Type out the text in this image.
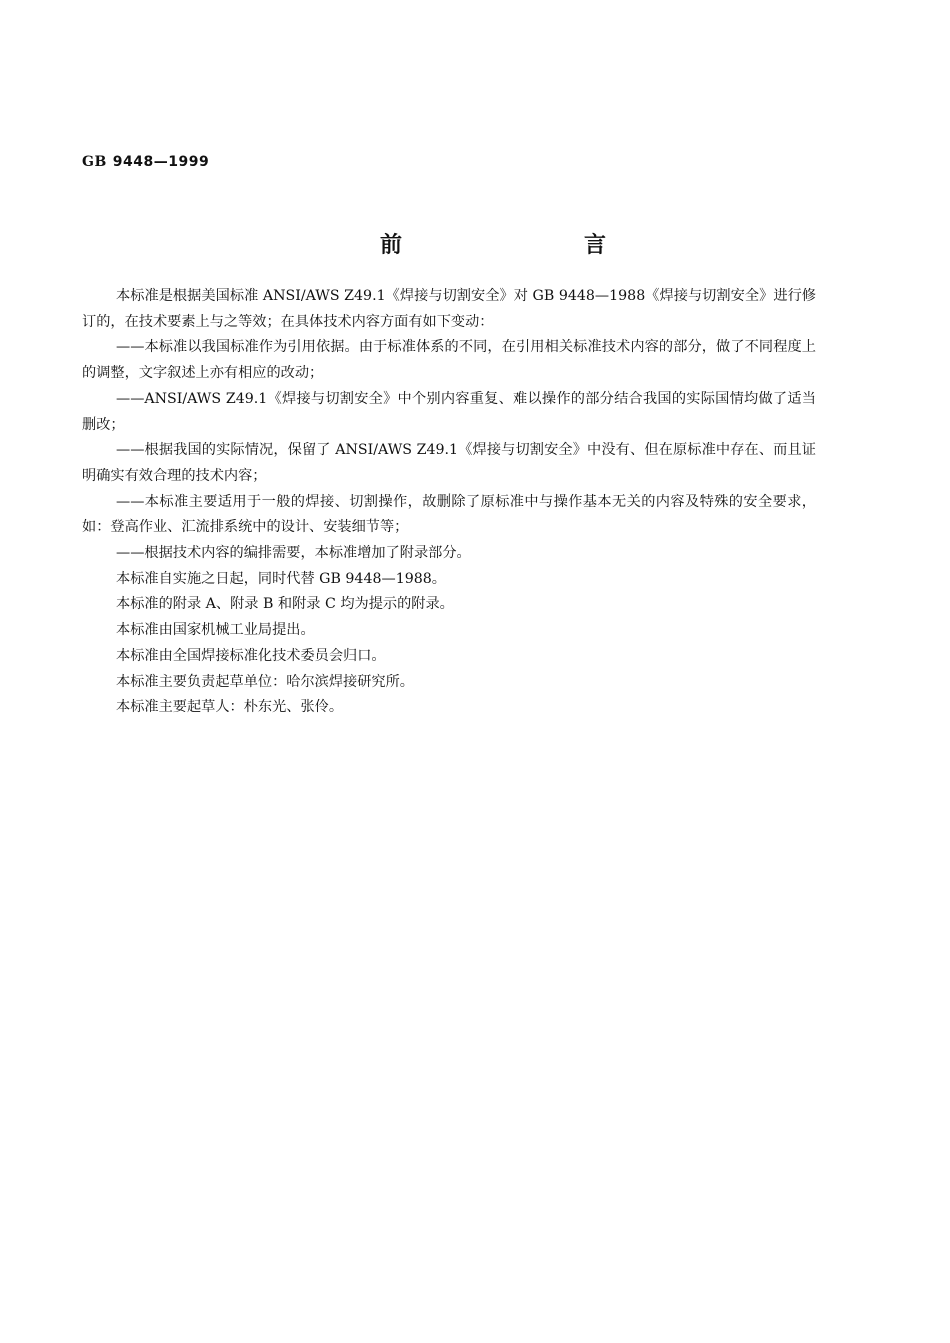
GB 9448—1999
前　　言

本标准是根据美国标准 ANSI/AWS Z49.1《焊接与切割安全》对 GB 9448—1988《焊接与切割安全》进行修订的，在技术要素上与之等效；在具体技术内容方面有如下变动：

——本标准以我国标准作为引用依据。由于标准体系的不同，在引用相关标准技术内容的部分，做了不同程度上的调整，文字叙述上亦有相应的改动；

——ANSI/AWS Z49.1《焊接与切割安全》中个别内容重复、难以操作的部分结合我国的实际国情均做了适当删改；

——根据我国的实际情况，保留了 ANSI/AWS Z49.1《焊接与切割安全》中没有、但在原标准中存在、而且证明确实有效合理的技术内容；

——本标准主要适用于一般的焊接、切割操作，故删除了原标准中与操作基本无关的内容及特殊的安全要求，如：登高作业、汇流排系统中的设计、安装细节等；

——根据技术内容的编排需要，本标准增加了附录部分。

本标准自实施之日起，同时代替 GB 9448—1988。

本标准的附录 A、附录 B 和附录 C 均为提示的附录。

本标准由国家机械工业局提出。

本标准由全国焊接标准化技术委员会归口。

本标准主要负责起草单位：哈尔滨焊接研究所。

本标准主要起草人：朴东光、张伶。
